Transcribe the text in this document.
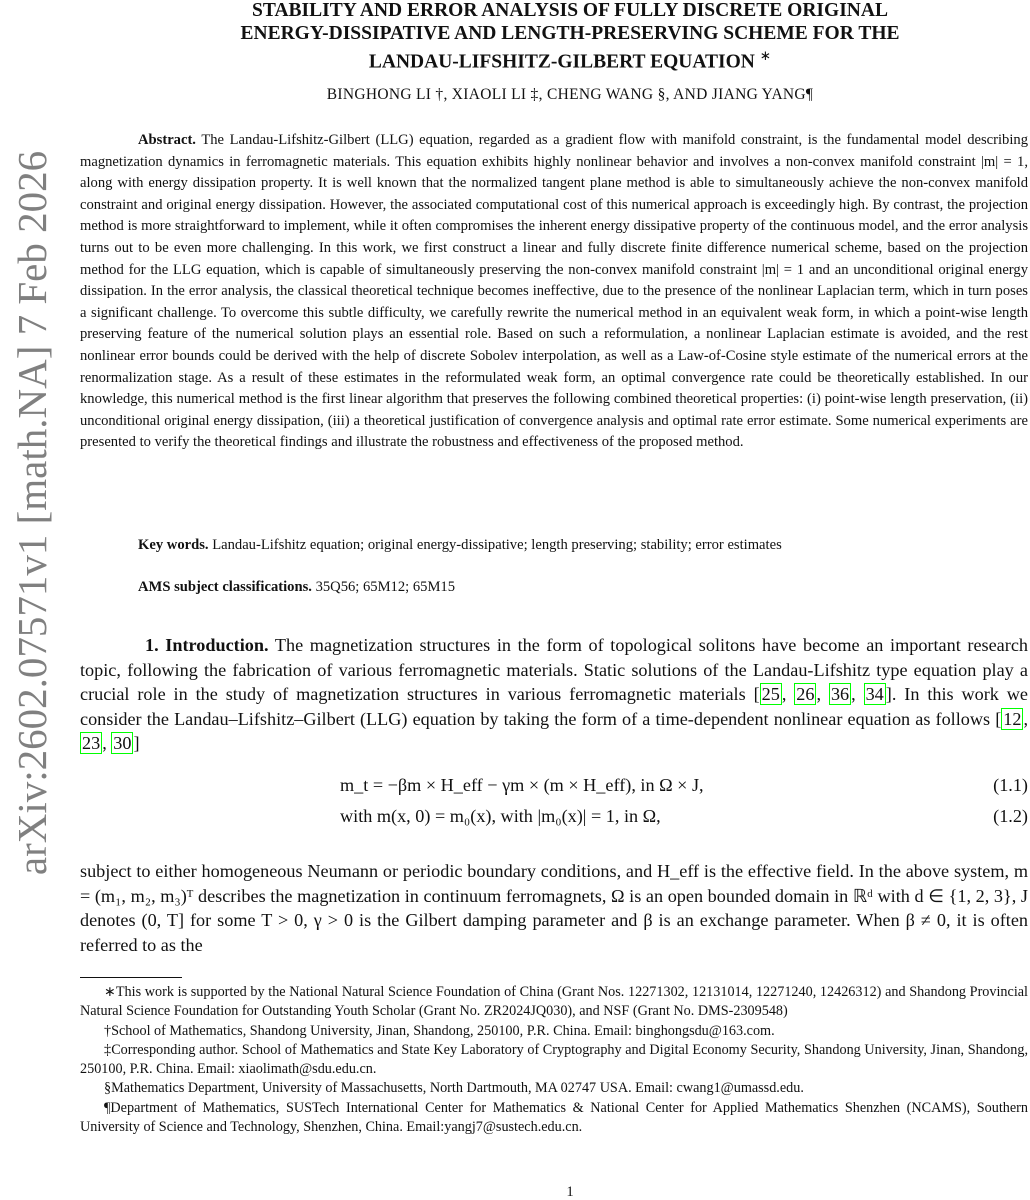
arXiv:2602.07571v1 [math.NA] 7 Feb 2026
STABILITY AND ERROR ANALYSIS OF FULLY DISCRETE ORIGINAL
ENERGY-DISSIPATIVE AND LENGTH-PRESERVING SCHEME FOR THE
LANDAU-LIFSHITZ-GILBERT EQUATION ∗
BINGHONG LI †, XIAOLI LI ‡, CHENG WANG §, AND JIANG YANG¶
Abstract. The Landau-Lifshitz-Gilbert (LLG) equation, regarded as a gradient flow with manifold constraint, is the fundamental model describing magnetization dynamics in ferromagnetic materials. This equation exhibits highly nonlinear behavior and involves a non-convex manifold constraint |m| = 1, along with energy dissipation property. It is well known that the normalized tangent plane method is able to simultaneously achieve the non-convex manifold constraint and original energy dissipation. However, the associated computational cost of this numerical approach is exceedingly high. By contrast, the projection method is more straightforward to implement, while it often compromises the inherent energy dissipative property of the continuous model, and the error analysis turns out to be even more challenging. In this work, we first construct a linear and fully discrete finite difference numerical scheme, based on the projection method for the LLG equation, which is capable of simultaneously preserving the non-convex manifold constraint |m| = 1 and an unconditional original energy dissipation. In the error analysis, the classical theoretical technique becomes ineffective, due to the presence of the nonlinear Laplacian term, which in turn poses a significant challenge. To overcome this subtle difficulty, we carefully rewrite the numerical method in an equivalent weak form, in which a point-wise length preserving feature of the numerical solution plays an essential role. Based on such a reformulation, a nonlinear Laplacian estimate is avoided, and the rest nonlinear error bounds could be derived with the help of discrete Sobolev interpolation, as well as a Law-of-Cosine style estimate of the numerical errors at the renormalization stage. As a result of these estimates in the reformulated weak form, an optimal convergence rate could be theoretically established. In our knowledge, this numerical method is the first linear algorithm that preserves the following combined theoretical properties: (i) point-wise length preservation, (ii) unconditional original energy dissipation, (iii) a theoretical justification of convergence analysis and optimal rate error estimate. Some numerical experiments are presented to verify the theoretical findings and illustrate the robustness and effectiveness of the proposed method.
Key words. Landau-Lifshitz equation; original energy-dissipative; length preserving; stability; error estimates
AMS subject classifications. 35Q56; 65M12; 65M15
1. Introduction. The magnetization structures in the form of topological solitons have become an important research topic, following the fabrication of various ferromagnetic materials. Static solutions of the Landau-Lifshitz type equation play a crucial role in the study of magnetization structures in various ferromagnetic materials [ 25 , 26 , 36 , 34 ]. In this work we consider the Landau–Lifshitz–Gilbert (LLG) equation by taking the form of a time-dependent nonlinear equation as follows [ 12 , 23 , 30 ]
m_t = −βm × H_eff − γm × (m × H_eff), in Ω × J,	(1.1)
with m(x, 0) = m₀(x), with |m₀(x)| = 1, in Ω,	(1.2)
subject to either homogeneous Neumann or periodic boundary conditions, and H_eff is the effective field. In the above system, m = (m₁, m₂, m₃)ᵀ describes the magnetization in continuum ferromagnets, Ω is an open bounded domain in ℝᵈ with d ∈ {1, 2, 3}, J denotes (0, T] for some T > 0, γ > 0 is the Gilbert damping parameter and β is an exchange parameter. When β ≠ 0, it is often referred to as the

∗This work is supported by the National Natural Science Foundation of China (Grant Nos. 12271302, 12131014, 12271240, 12426312) and Shandong Provincial Natural Science Foundation for Outstanding Youth Scholar (Grant No. ZR2024JQ030), and NSF (Grant No. DMS-2309548)

†School of Mathematics, Shandong University, Jinan, Shandong, 250100, P.R. China. Email: binghongsdu@163.com.

‡Corresponding author. School of Mathematics and State Key Laboratory of Cryptography and Digital Economy Security, Shandong University, Jinan, Shandong, 250100, P.R. China. Email: xiaolimath@sdu.edu.cn.

§Mathematics Department, University of Massachusetts, North Dartmouth, MA 02747 USA. Email: cwang1@umassd.edu.

¶Department of Mathematics, SUSTech International Center for Mathematics & National Center for Applied Mathematics Shenzhen (NCAMS), Southern University of Science and Technology, Shenzhen, China. Email:yangj7@sustech.edu.cn.

1
